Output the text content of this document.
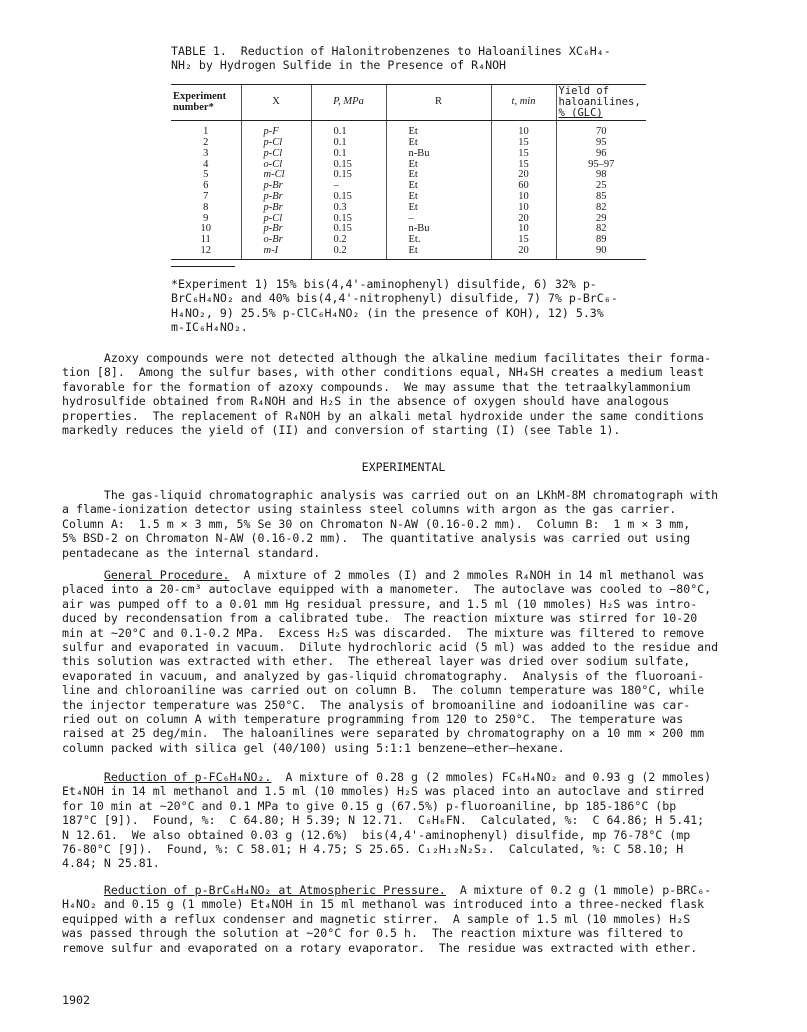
TABLE 1.  Reduction of Halonitrobenzenes to Haloanilines XC₆H₄-
NH₂ by Hydrogen Sulfide in the Presence of R₄NOH
Experiment
number*	X	P, MPa	R	t, min	Yield of
haloanilines,
% (GLC)
1	p-F	0.1	Et	10	70
2	p-Cl	0.1	Et	15	95
3	p-Cl	0.1	n-Bu	15	96
4	o-Cl	0.15	Et	15	95–97
5	m-Cl	0.15	Et	20	98
6	p-Br	–	Et	60	25
7	p-Br	0.15	Et	10	85
8	p-Br	0.3	Et	10	82
9	p-Cl	0.15	–	20	29
10	p-Br	0.15	n-Bu	10	82
11	o-Br	0.2	Et.	15	89
12	m-I	0.2	Et	20	90
*Experiment 1) 15% bis(4,4'-aminophenyl) disulfide, 6) 32% p-
BrC₆H₄NO₂ and 40% bis(4,4'-nitrophenyl) disulfide, 7) 7% p-BrC₆-
H₄NO₂, 9) 25.5% p-ClC₆H₄NO₂ (in the presence of KOH), 12) 5.3%
m-IC₆H₄NO₂.
Azoxy compounds were not detected although the alkaline medium facilitates their forma-
tion [8].  Among the sulfur bases, with other conditions equal, NH₄SH creates a medium least
favorable for the formation of azoxy compounds.  We may assume that the tetraalkylammonium
hydrosulfide obtained from R₄NOH and H₂S in the absence of oxygen should have analogous
properties.  The replacement of R₄NOH by an alkali metal hydroxide under the same conditions
markedly reduces the yield of (II) and conversion of starting (I) (see Table 1).
EXPERIMENTAL
The gas-liquid chromatographic analysis was carried out on an LKhM-8M chromatograph with
a flame-ionization detector using stainless steel columns with argon as the gas carrier.
Column A:  1.5 m × 3 mm, 5% Se 30 on Chromaton N-AW (0.16-0.2 mm).  Column B:  1 m × 3 mm,
5% BSD-2 on Chromaton N-AW (0.16-0.2 mm).  The quantitative analysis was carried out using
pentadecane as the internal standard.
General Procedure.  A mixture of 2 mmoles (I) and 2 mmoles R₄NOH in 14 ml methanol was
placed into a 20-cm³ autoclave equipped with a manometer.  The autoclave was cooled to −80°C,
air was pumped off to a 0.01 mm Hg residual pressure, and 1.5 ml (10 mmoles) H₂S was intro-
duced by recondensation from a calibrated tube.  The reaction mixture was stirred for 10-20
min at ~20°C and 0.1-0.2 MPa.  Excess H₂S was discarded.  The mixture was filtered to remove
sulfur and evaporated in vacuum.  Dilute hydrochloric acid (5 ml) was added to the residue and
this solution was extracted with ether.  The ethereal layer was dried over sodium sulfate,
evaporated in vacuum, and analyzed by gas-liquid chromatography.  Analysis of the fluoroani-
line and chloroaniline was carried out on column B.  The column temperature was 180°C, while
the injector temperature was 250°C.  The analysis of bromoaniline and iodoaniline was car-
ried out on column A with temperature programming from 120 to 250°C.  The temperature was
raised at 25 deg/min.  The haloanilines were separated by chromatography on a 10 mm × 200 mm
column packed with silica gel (40/100) using 5:1:1 benzene—ether—hexane.
Reduction of p-FC₆H₄NO₂.  A mixture of 0.28 g (2 mmoles) FC₆H₄NO₂ and 0.93 g (2 mmoles)
Et₄NOH in 14 ml methanol and 1.5 ml (10 mmoles) H₂S was placed into an autoclave and stirred
for 10 min at ~20°C and 0.1 MPa to give 0.15 g (67.5%) p-fluoroaniline, bp 185-186°C (bp
187°C [9]).  Found, %:  C 64.80; H 5.39; N 12.71.  C₆H₆FN.  Calculated, %:  C 64.86; H 5.41;
N 12.61.  We also obtained 0.03 g (12.6%)  bis(4,4'-aminophenyl) disulfide, mp 76-78°C (mp
76-80°C [9]).  Found, %: C 58.01; H 4.75; S 25.65. C₁₂H₁₂N₂S₂.  Calculated, %: C 58.10; H
4.84; N 25.81.
Reduction of p-BrC₆H₄NO₂ at Atmospheric Pressure.  A mixture of 0.2 g (1 mmole) p-BRC₆-
H₄NO₂ and 0.15 g (1 mmole) Et₄NOH in 15 ml methanol was introduced into a three-necked flask
equipped with a reflux condenser and magnetic stirrer.  A sample of 1.5 ml (10 mmoles) H₂S
was passed through the solution at ~20°C for 0.5 h.  The reaction mixture was filtered to
remove sulfur and evaporated on a rotary evaporator.  The residue was extracted with ether.
1902
